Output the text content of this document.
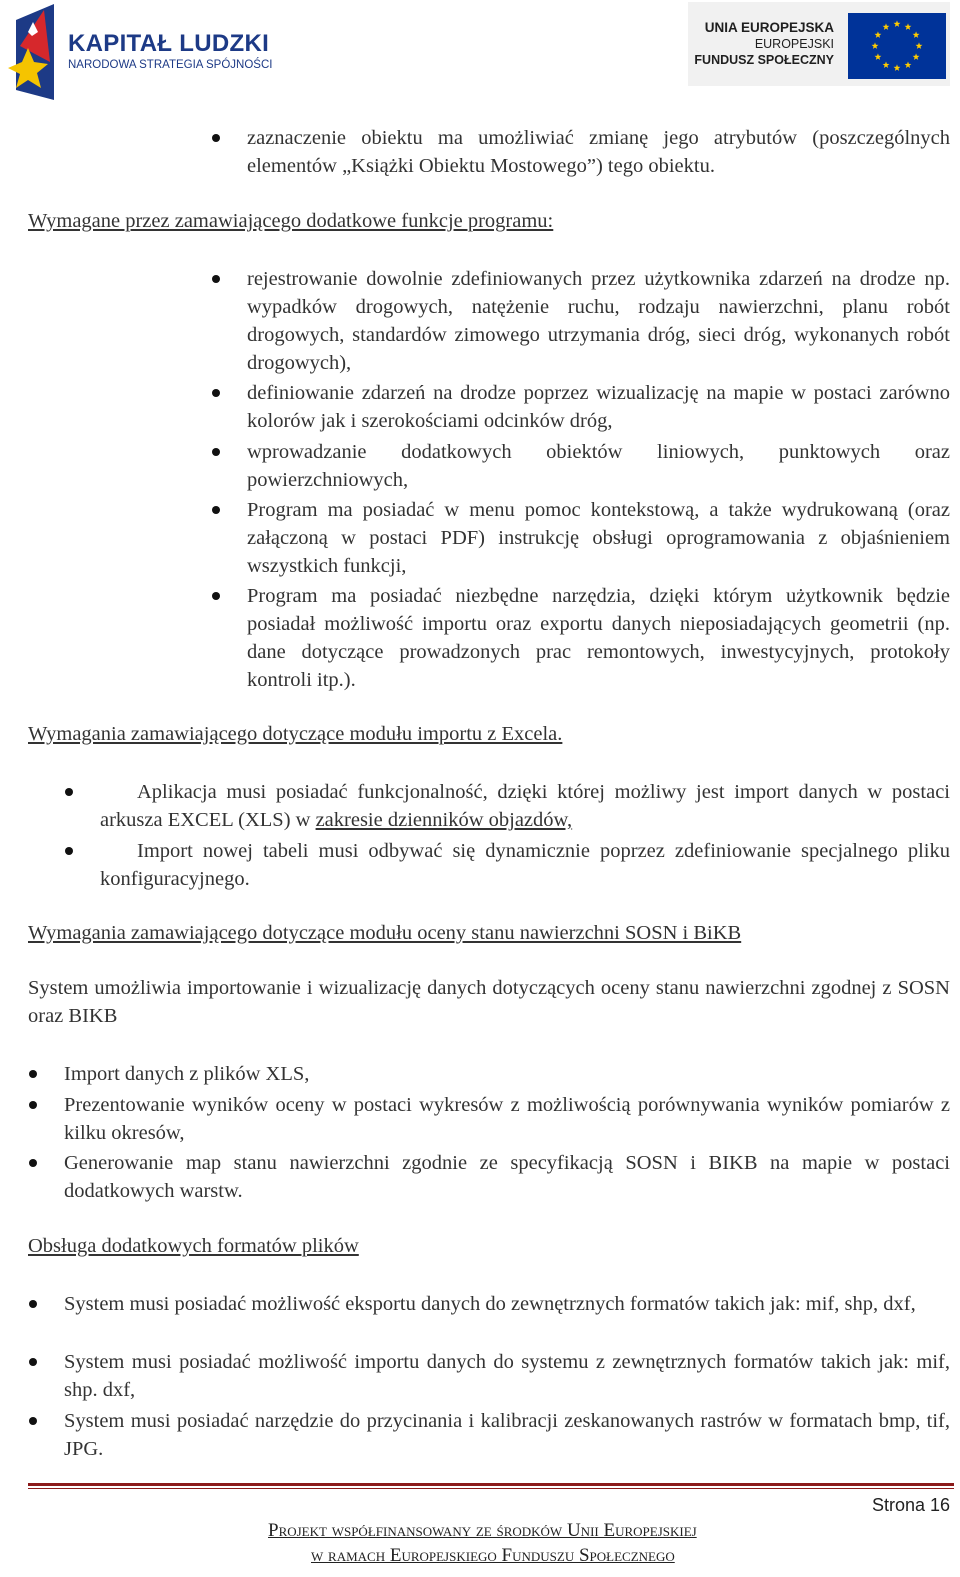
KAPITAŁ LUDZKI
NARODOWA STRATEGIA SPÓJNOŚCI
UNIA EUROPEJSKA
EUROPEJSKI
FUNDUSZ SPOŁECZNY

zaznaczenie obiektu ma umożliwiać zmianę jego atrybutów (poszczególnych elementów „Książki Obiektu Mostowego”) tego obiektu.

Wymagane przez zamawiającego dodatkowe funkcje programu:

rejestrowanie dowolnie zdefiniowanych przez użytkownika zdarzeń na drodze np. wypadków drogowych, natężenie ruchu, rodzaju nawierzchni, planu robót drogowych, standardów zimowego utrzymania dróg, sieci dróg, wykonanych robót drogowych),

definiowanie zdarzeń na drodze poprzez wizualizację na mapie w postaci zarówno kolorów jak i szerokościami odcinków dróg,

wprowadzanie dodatkowych obiektów liniowych, punktowych oraz powierzchniowych,

Program ma posiadać w menu pomoc kontekstową, a także wydrukowaną (oraz załączoną w postaci PDF) instrukcję obsługi oprogramowania z objaśnieniem wszystkich funkcji,

Program ma posiadać niezbędne narzędzia, dzięki którym użytkownik będzie posiadał możliwość importu oraz exportu danych nieposiadających geometrii (np. dane dotyczące prowadzonych prac remontowych, inwestycyjnych, protokoły kontroli itp.).

Wymagania zamawiającego dotyczące modułu importu z Excela.

Aplikacja musi posiadać funkcjonalność, dzięki której możliwy jest import danych w postaci arkusza EXCEL (XLS) w zakresie dzienników objazdów,

Import nowej tabeli musi odbywać się dynamicznie poprzez zdefiniowanie specjalnego pliku konfiguracyjnego.

Wymagania zamawiającego dotyczące modułu oceny stanu nawierzchni SOSN i BiKB

System umożliwia importowanie i wizualizację danych dotyczących oceny stanu nawierzchni zgodnej z SOSN oraz BIKB

Import danych z plików XLS,

Prezentowanie wyników oceny w postaci wykresów z możliwością porównywania wyników pomiarów z kilku okresów,

Generowanie map stanu nawierzchni zgodnie ze specyfikacją SOSN i BIKB na mapie w postaci dodatkowych warstw.

Obsługa dodatkowych formatów plików

System musi posiadać możliwość eksportu danych do zewnętrznych formatów takich jak: mif, shp, dxf,

System musi posiadać możliwość importu danych do systemu z zewnętrznych formatów takich jak: mif, shp. dxf,

System musi posiadać narzędzie do przycinania i kalibracji zeskanowanych rastrów w formatach bmp, tif, JPG.

Strona 16
Projekt współfinansowany ze środków Unii Europejskiej
w ramach Europejskiego Funduszu Społecznego
